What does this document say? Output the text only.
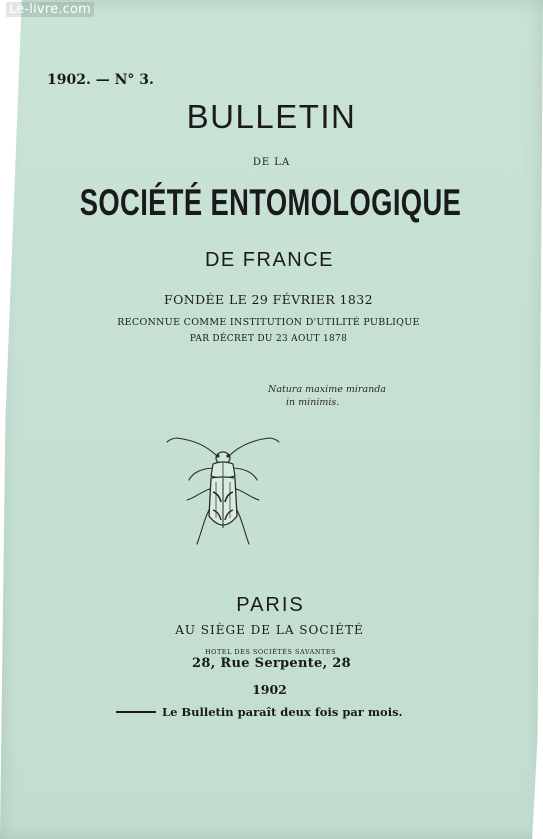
Le-livre.com
1902. — N° 3.
BULLETIN
DE LA
SOCIÉTÉ ENTOMOLOGIQUE
DE FRANCE
FONDÉE LE 29 FÉVRIER 1832
RECONNUE COMME INSTITUTION D'UTILITÉ PUBLIQUE
PAR DÉCRET DU 23 AOUT 1878
Natura maxime miranda
in minimis.
PARIS
AU SIÈGE DE LA SOCIÉTÉ
HOTEL DES SOCIÉTÉS SAVANTES
28, Rue Serpente, 28
1902
Le Bulletin paraît deux fois par mois.
